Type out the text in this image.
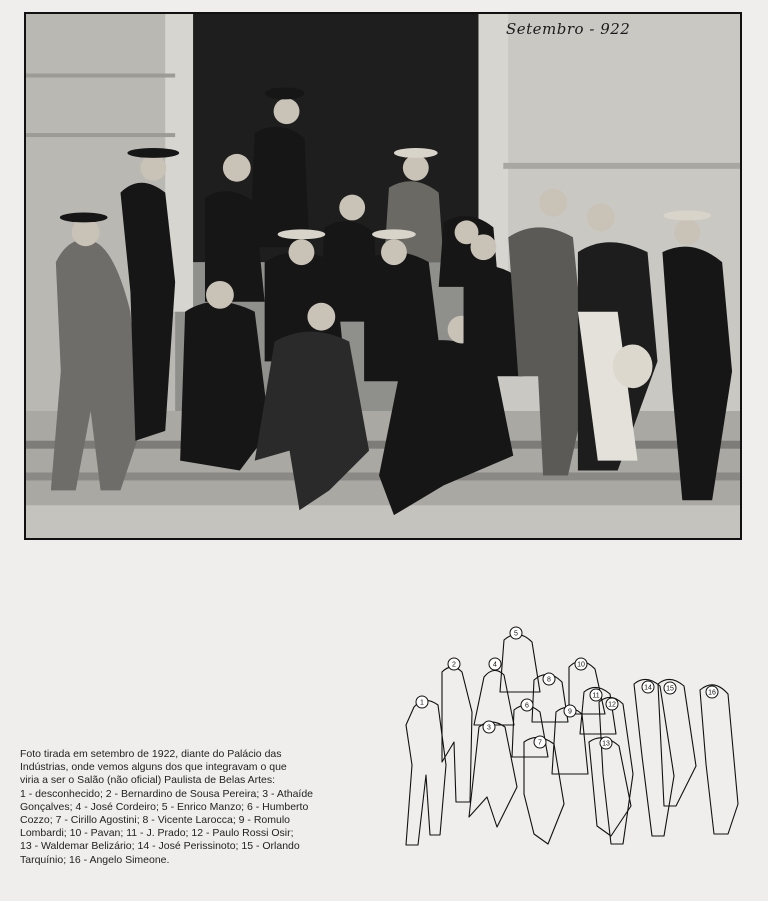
Setembro - 922

Foto tirada em setembro de 1922, diante do Palácio das

Indústrias, onde vemos alguns dos que integravam o que

viria a ser o Salão (não oficial) Paulista de Belas Artes:

1 - desconhecido; 2 - Bernardino de Sousa Pereira; 3 - Athaíde

Gonçalves; 4 - José Cordeiro; 5 - Enrico Manzo; 6 - Humberto

Cozzo; 7 - Cirillo Agostini; 8 - Vicente Larocca; 9 - Romulo

Lombardi; 10 - Pavan; 11 - J. Prado; 12 - Paulo Rossi Osir;

13 - Waldemar Belizário; 14 - José Perissinoto; 15 - Orlando

Tarquínio; 16 - Angelo Simeone.

1
2
3
4
5
6
7
8
9
10
11
12
13
14 15
16
